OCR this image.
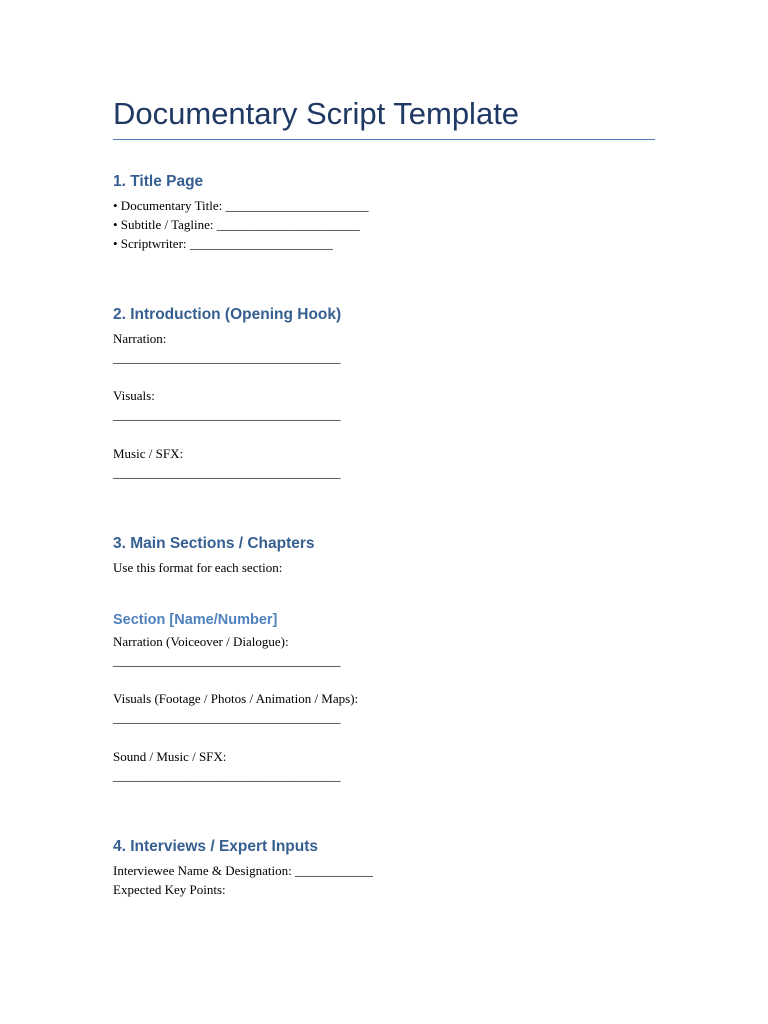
Documentary Script Template
1. Title Page
• Documentary Title: ______________________
• Subtitle / Tagline: ______________________
• Scriptwriter: ______________________
2. Introduction (Opening Hook)
Narration:
___________________________________
Visuals:
___________________________________
Music / SFX:
___________________________________
3. Main Sections / Chapters
Use this format for each section:
Section [Name/Number]
Narration (Voiceover / Dialogue):
___________________________________
Visuals (Footage / Photos / Animation / Maps):
___________________________________
Sound / Music / SFX:
___________________________________
4. Interviews / Expert Inputs
Interviewee Name & Designation: ____________
Expected Key Points:
